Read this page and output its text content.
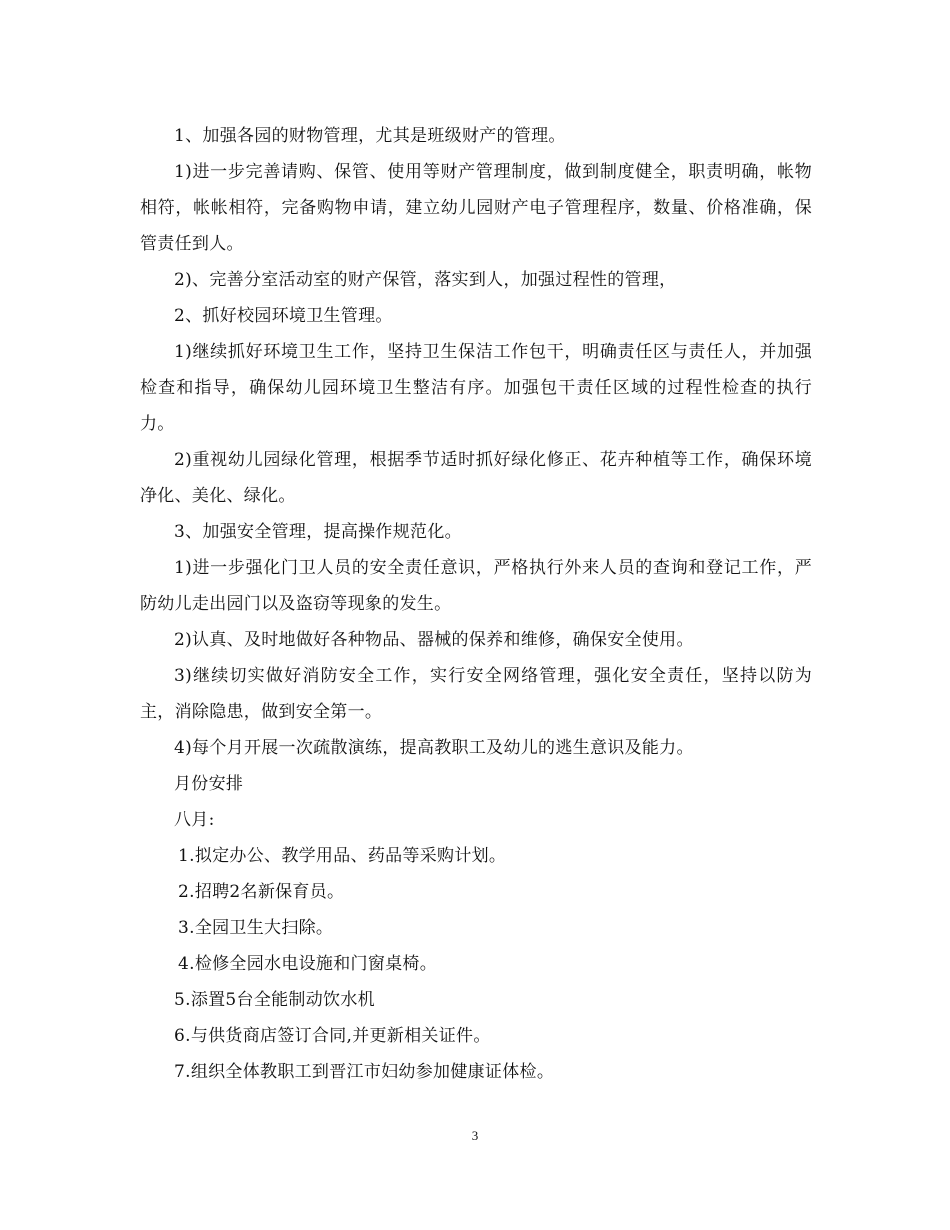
1、加强各园的财物管理，尤其是班级财产的管理。

1)进一步完善请购、保管、使用等财产管理制度，做到制度健全，职责明确，帐物相符，帐帐相符，完备购物申请，建立幼儿园财产电子管理程序，数量、价格准确，保管责任到人。

2)、完善分室活动室的财产保管，落实到人，加强过程性的管理，

2、抓好校园环境卫生管理。

1)继续抓好环境卫生工作，坚持卫生保洁工作包干，明确责任区与责任人，并加强检查和指导，确保幼儿园环境卫生整洁有序。加强包干责任区域的过程性检查的执行力。

2)重视幼儿园绿化管理，根据季节适时抓好绿化修正、花卉种植等工作，确保环境净化、美化、绿化。

3、加强安全管理，提高操作规范化。

1)进一步强化门卫人员的安全责任意识，严格执行外来人员的查询和登记工作，严防幼儿走出园门以及盗窃等现象的发生。

2)认真、及时地做好各种物品、器械的保养和维修，确保安全使用。

3)继续切实做好消防安全工作，实行安全网络管理，强化安全责任，坚持以防为主，消除隐患，做到安全第一。

4)每个月开展一次疏散演练，提高教职工及幼儿的逃生意识及能力。

月份安排

八月:

1.拟定办公、教学用品、药品等采购计划。

2.招聘2名新保育员。

3.全园卫生大扫除。

4.检修全园水电设施和门窗桌椅。

5.添置5台全能制动饮水机

6.与供货商店签订合同,并更新相关证件。

7.组织全体教职工到晋江市妇幼参加健康证体检。

3
